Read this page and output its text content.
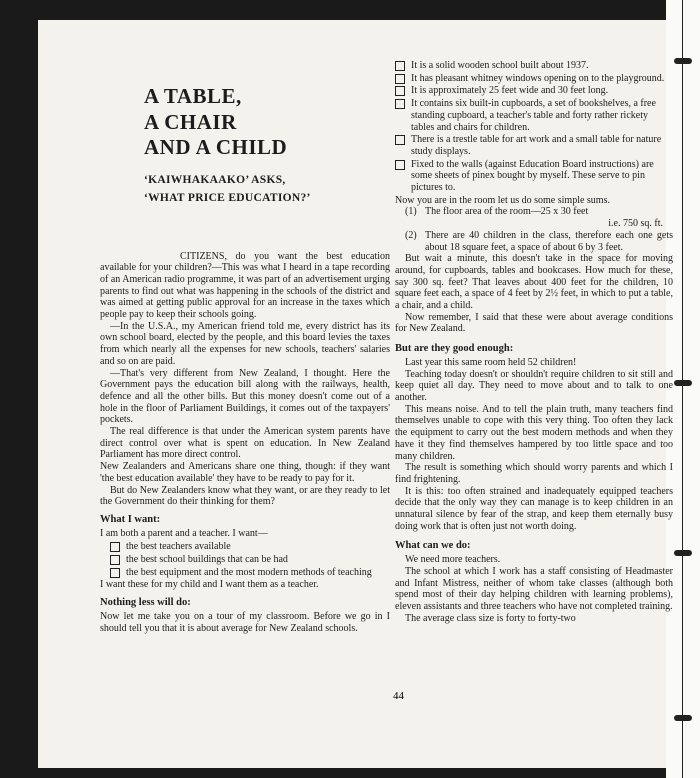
A TABLE,
A CHAIR
AND A CHILD
‘KAIWHAKAAKO’ ASKS,
‘WHAT PRICE EDUCATION?’

CITIZENS, do you want the best education available for your children?—This was what I heard in a tape recording of an American radio programme, it was part of an advertisement urging parents to find out what was happening in the schools of the district and was aimed at getting public approval for an increase in the taxes which people pay to keep their schools going.

—In the U.S.A., my American friend told me, every district has its own school board, elected by the people, and this board levies the taxes from which nearly all the expenses for new schools, teachers' salaries and so on are paid.

—That's very different from New Zealand, I thought. Here the Government pays the education bill along with the railways, health, defence and all the other bills. But this money doesn't come out of a hole in the floor of Parliament Buildings, it comes out of the taxpayers' pockets.

The real difference is that under the American system parents have direct control over what is spent on education. In New Zealand Parliament has more direct control.

New Zealanders and Americans share one thing, though: if they want 'the best education available' they have to be ready to pay for it.

But do New Zealanders know what they want, or are they ready to let the Government do their thinking for them?

What I want:

I am both a parent and a teacher. I want—

the best teachers available
the best school buildings that can be had
the best equipment and the most modern methods of teaching

I want these for my child and I want them as a teacher.

Nothing less will do:

Now let me take you on a tour of my classroom. Before we go in I should tell you that it is about average for New Zealand schools.

It is a solid wooden school built about 1937.
It has pleasant whitney windows opening on to the playground.
It is approximately 25 feet wide and 30 feet long.
It contains six built-in cupboards, a set of bookshelves, a free standing cupboard, a teacher's table and forty rather rickety tables and chairs for children.
There is a trestle table for art work and a small table for nature study displays.
Fixed to the walls (against Education Board instructions) are some sheets of pinex bought by myself. These serve to pin pictures to.

Now you are in the room let us do some simple sums.

(1) The floor area of the room—25 x 30 feet

i.e. 750 sq. ft.

(2) There are 40 children in the class, therefore each one gets about 18 square feet, a space of about 6 by 3 feet.

But wait a minute, this doesn't take in the space for moving around, for cupboards, tables and bookcases. How much for these, say 300 sq. feet? That leaves about 400 feet for the children, 10 square feet each, a space of 4 feet by 2½ feet, in which to put a table, a chair, and a child.

Now remember, I said that these were about average conditions for New Zealand.

But are they good enough:

Last year this same room held 52 children!

Teaching today doesn't or shouldn't require children to sit still and keep quiet all day. They need to move about and to talk to one another.

This means noise. And to tell the plain truth, many teachers find themselves unable to cope with this very thing. Too often they lack the equipment to carry out the best modern methods and when they have it they find themselves hampered by too little space and too many children.

The result is something which should worry parents and which I find frightening.

It is this: too often strained and inadequately equipped teachers decide that the only way they can manage is to keep children in an unnatural silence by fear of the strap, and keep them eternally busy doing work that is often just not worth doing.

What can we do:

We need more teachers.

The school at which I work has a staff consisting of Headmaster and Infant Mistress, neither of whom take classes (although both spend most of their day helping children with learning problems), eleven assistants and three teachers who have not completed training.

The average class size is forty to forty-two

44
